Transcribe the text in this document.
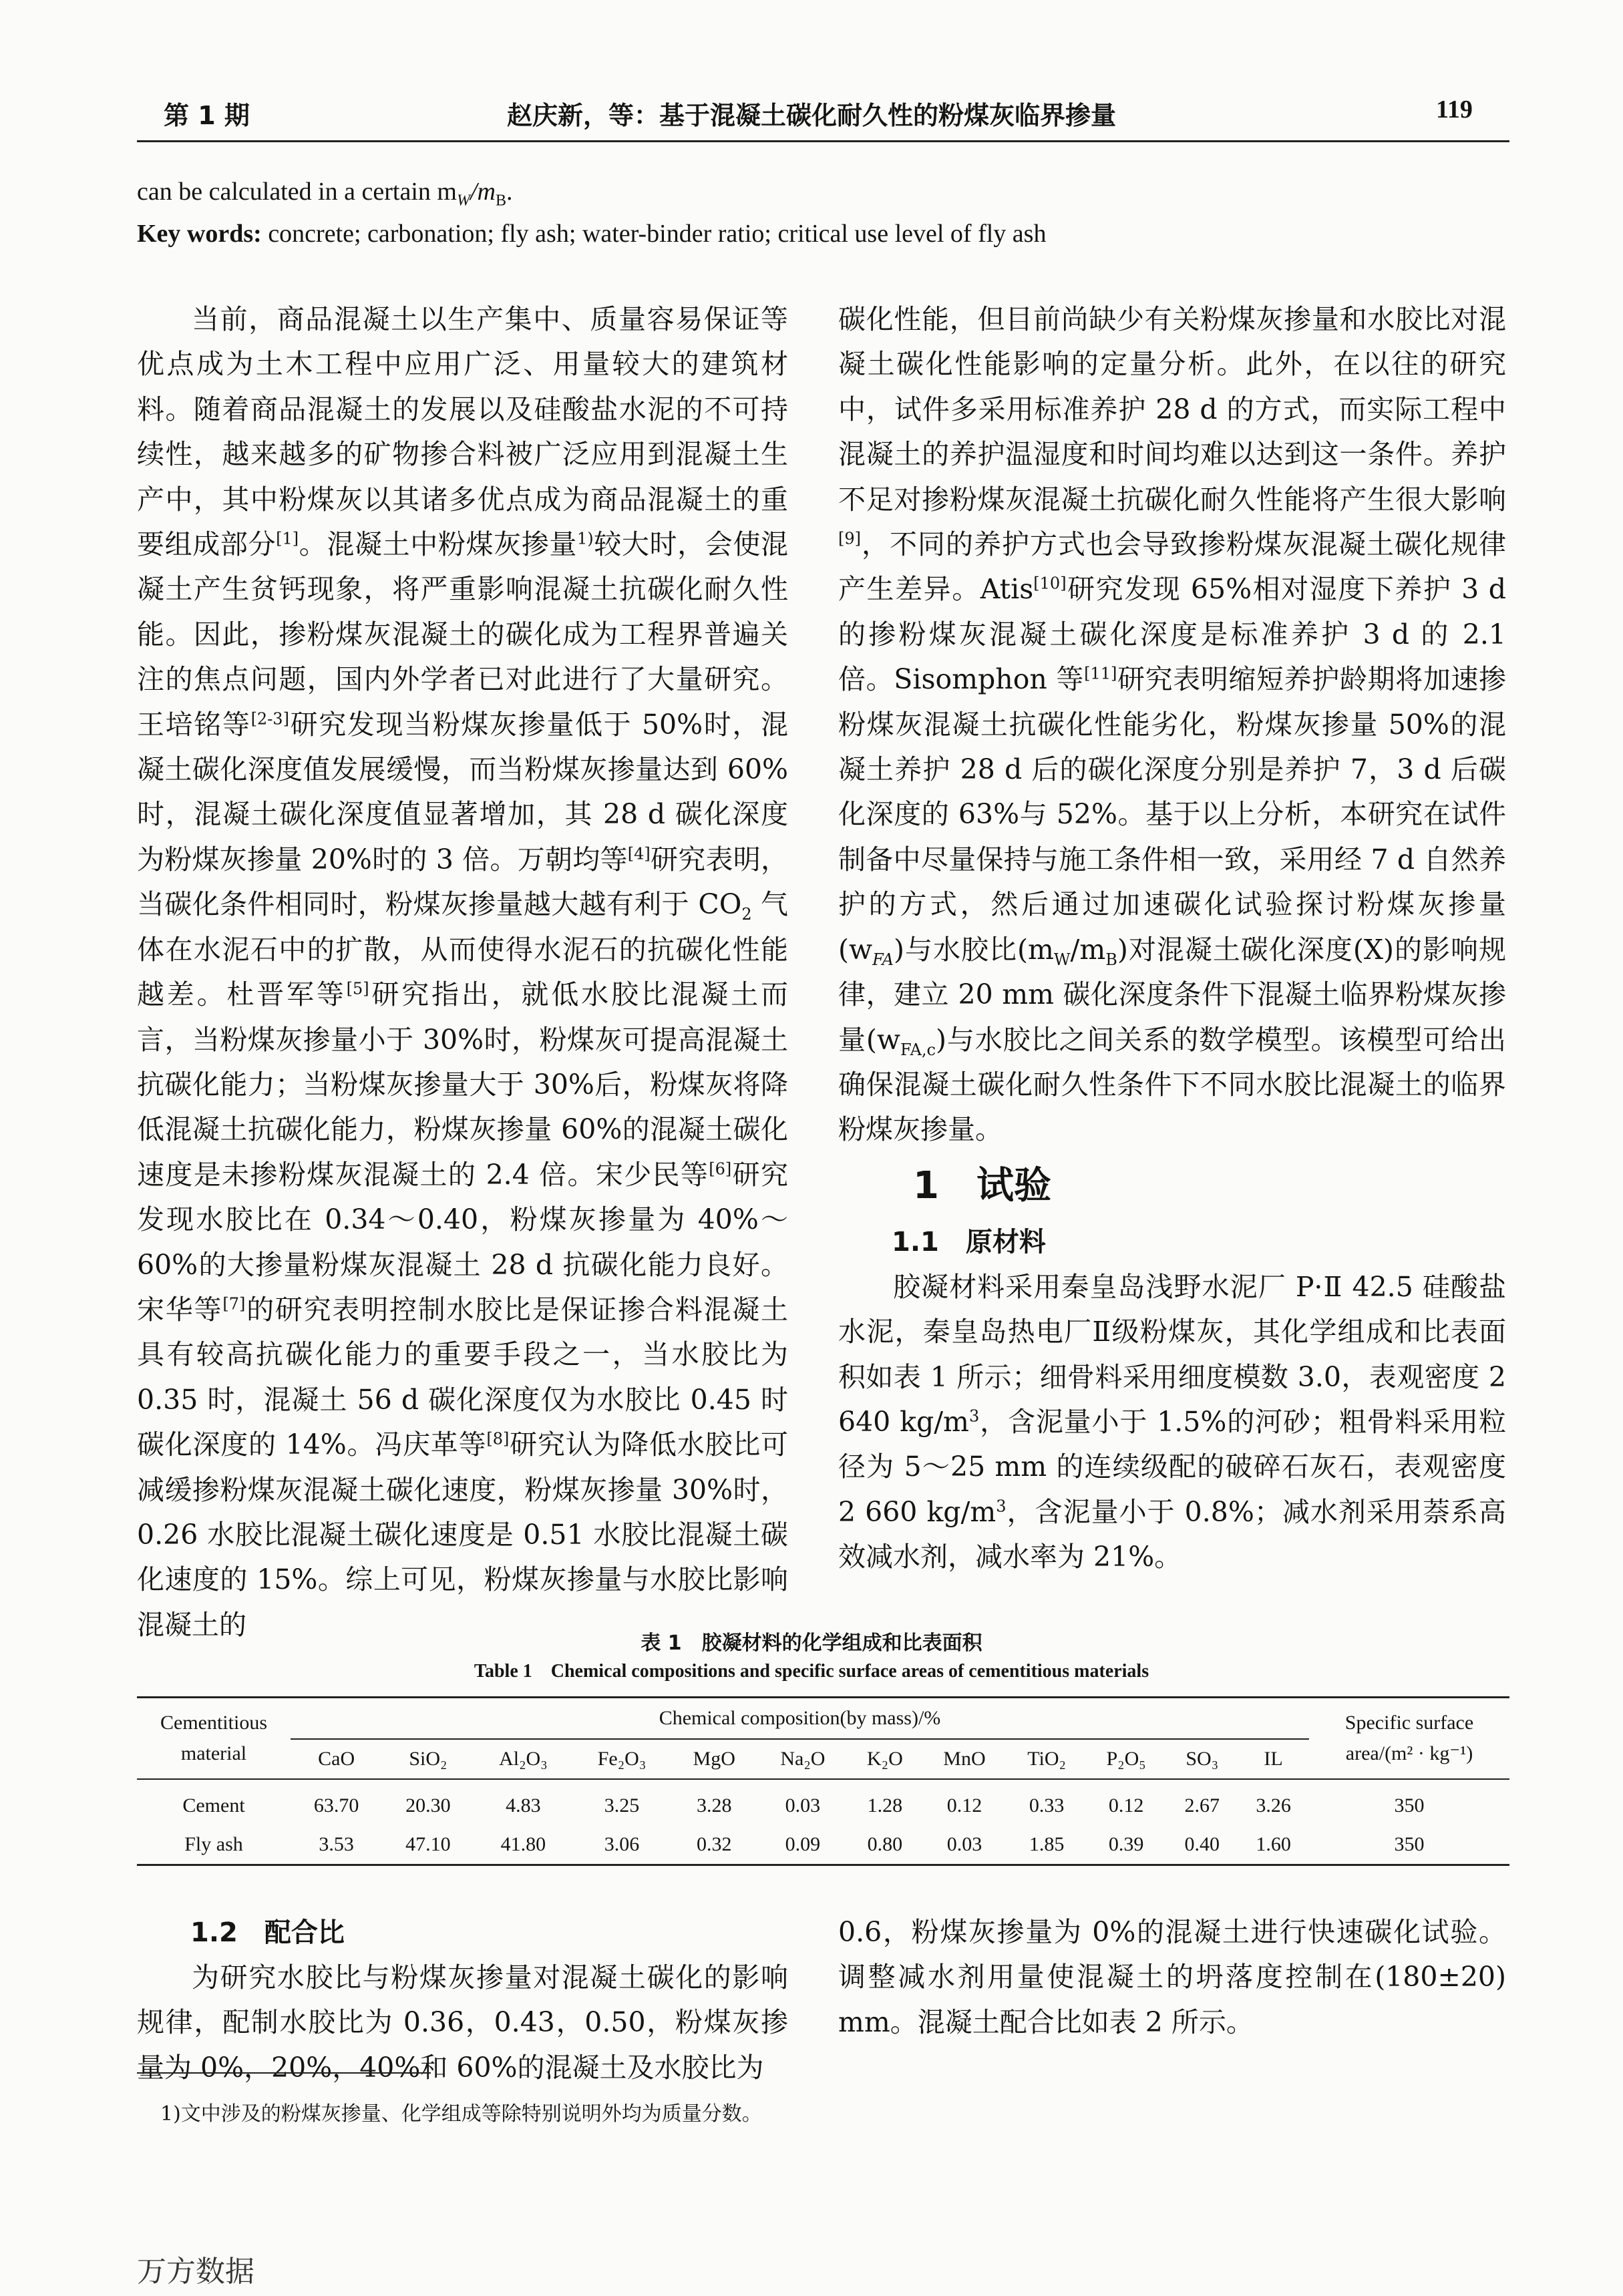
第 1 期	赵庆新，等：基于混凝土碳化耐久性的粉煤灰临界掺量	119
can be calculated in a certain $m_W/m_B$.
Key words: concrete; carbonation; fly ash; water-binder ratio; critical use level of fly ash

当前，商品混凝土以生产集中、质量容易保证等优点成为土木工程中应用广泛、用量较大的建筑材料。随着商品混凝土的发展以及硅酸盐水泥的不可持续性，越来越多的矿物掺合料被广泛应用到混凝土生产中，其中粉煤灰以其诸多优点成为商品混凝土的重要组成部分[1]。混凝土中粉煤灰掺量$^{1)}$较大时，会使混凝土产生贫钙现象，将严重影响混凝土抗碳化耐久性能。因此，掺粉煤灰混凝土的碳化成为工程界普遍关注的焦点问题，国内外学者已对此进行了大量研究。王培铭等[2-3]研究发现当粉煤灰掺量低于 50%时，混凝土碳化深度值发展缓慢，而当粉煤灰掺量达到 60%时，混凝土碳化深度值显著增加，其 28 d 碳化深度为粉煤灰掺量 20%时的 3 倍。万朝均等[4]研究表明，当碳化条件相同时，粉煤灰掺量越大越有利于 $CO_2$ 气体在水泥石中的扩散，从而使得水泥石的抗碳化性能越差。杜晋军等[5]研究指出，就低水胶比混凝土而言，当粉煤灰掺量小于 30%时，粉煤灰可提高混凝土抗碳化能力；当粉煤灰掺量大于 30%后，粉煤灰将降低混凝土抗碳化能力，粉煤灰掺量 60%的混凝土碳化速度是未掺粉煤灰混凝土的 2.4 倍。宋少民等[6]研究发现水胶比在 0.34～0.40，粉煤灰掺量为 40%～60%的大掺量粉煤灰混凝土 28 d 抗碳化能力良好。宋华等[7]的研究表明控制水胶比是保证掺合料混凝土具有较高抗碳化能力的重要手段之一，当水胶比为 0.35 时，混凝土 56 d 碳化深度仅为水胶比 0.45 时碳化深度的 14%。冯庆革等[8]研究认为降低水胶比可减缓掺粉煤灰混凝土碳化速度，粉煤灰掺量 30%时，0.26 水胶比混凝土碳化速度是 0.51 水胶比混凝土碳化速度的 15%。综上可见，粉煤灰掺量与水胶比影响混凝土的

碳化性能，但目前尚缺少有关粉煤灰掺量和水胶比对混凝土碳化性能影响的定量分析。此外，在以往的研究中，试件多采用标准养护 28 d 的方式，而实际工程中混凝土的养护温湿度和时间均难以达到这一条件。养护不足对掺粉煤灰混凝土抗碳化耐久性能将产生很大影响[9]，不同的养护方式也会导致掺粉煤灰混凝土碳化规律产生差异。Atis[10]研究发现 65%相对湿度下养护 3 d 的掺粉煤灰混凝土碳化深度是标准养护 3 d 的 2.1 倍。Sisomphon 等[11]研究表明缩短养护龄期将加速掺粉煤灰混凝土抗碳化性能劣化，粉煤灰掺量 50%的混凝土养护 28 d 后的碳化深度分别是养护 7，3 d 后碳化深度的 63%与 52%。基于以上分析，本研究在试件制备中尽量保持与施工条件相一致，采用经 7 d 自然养护的方式，然后通过加速碳化试验探讨粉煤灰掺量$(w_{FA})$与水胶比$(m_W/m_B)$对混凝土碳化深度(X)的影响规律，建立 20 mm 碳化深度条件下混凝土临界粉煤灰掺量$(w_{FA,c})$与水胶比之间关系的数学模型。该模型可给出确保混凝土碳化耐久性条件下不同水胶比混凝土的临界粉煤灰掺量。

1　试验

1.1　原材料

胶凝材料采用秦皇岛浅野水泥厂 P·Ⅱ 42.5 硅酸盐水泥，秦皇岛热电厂Ⅱ级粉煤灰，其化学组成和比表面积如表 1 所示；细骨料采用细度模数 3.0，表观密度 2 640 $kg/m^3$，含泥量小于 1.5%的河砂；粗骨料采用粒径为 5～25 mm 的连续级配的破碎石灰石，表观密度 2 660 $kg/m^3$，含泥量小于 0.8%；减水剂采用萘系高效减水剂，减水率为 21%。

表 1　胶凝材料的化学组成和比表面积
Table 1　Chemical compositions and specific surface areas of cementitious materials
Cementitious
material	Chemical composition(by mass)/%												Specific surface
area/(m² · kg⁻¹)
	CaO	SiO₂	Al₂O₃	Fe₂O₃	MgO	Na₂O	K₂O	MnO	TiO₂	P₂O₅	SO₃	IL	
Cement	63.70	20.30	4.83	3.25	3.28	0.03	1.28	0.12	0.33	0.12	2.67	3.26	350
Fly ash	3.53	47.10	41.80	3.06	0.32	0.09	0.80	0.03	1.85	0.39	0.40	1.60	350

1.2　配合比

为研究水胶比与粉煤灰掺量对混凝土碳化的影响规律，配制水胶比为 0.36，0.43，0.50，粉煤灰掺量为 0%，20%，40%和 60%的混凝土及水胶比为

0.6，粉煤灰掺量为 0%的混凝土进行快速碳化试验。调整减水剂用量使混凝土的坍落度控制在(180±20) mm。混凝土配合比如表 2 所示。

1)文中涉及的粉煤灰掺量、化学组成等除特别说明外均为质量分数。
万方数据
